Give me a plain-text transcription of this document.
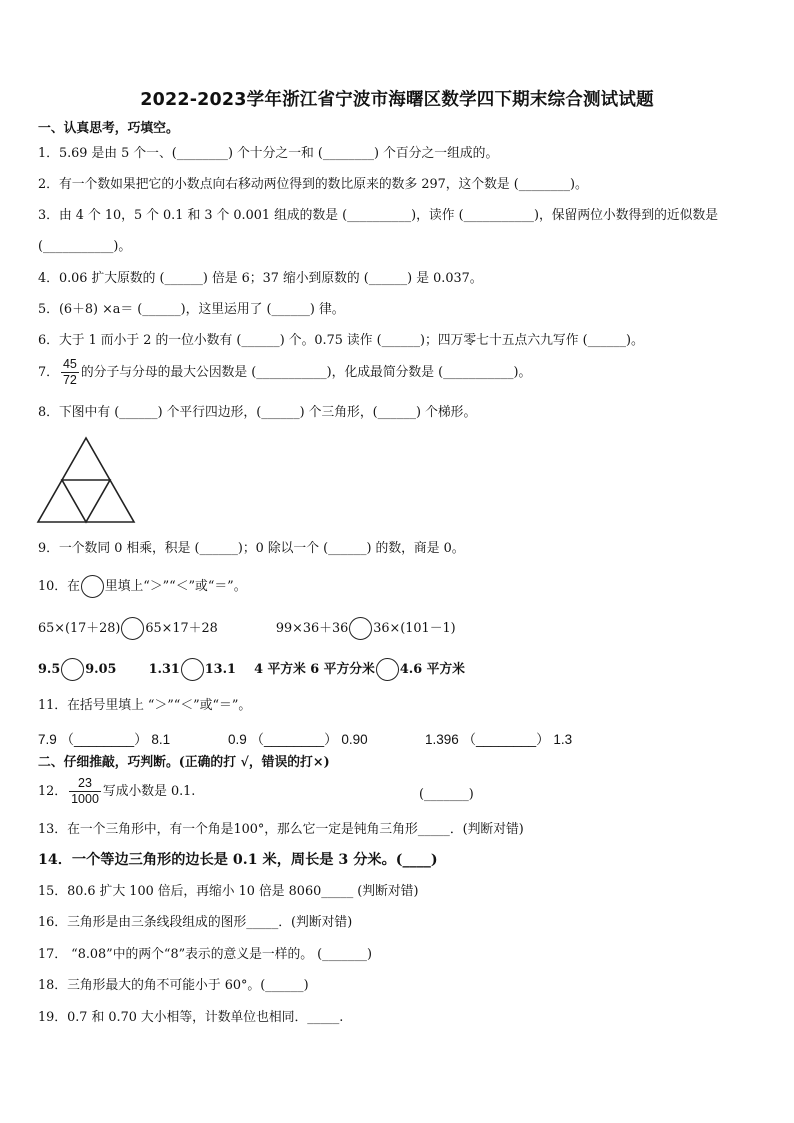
2022-2023学年浙江省宁波市海曙区数学四下期末综合测试试题
一、认真思考，巧填空。
1．5.69 是由 5 个一、(________) 个十分之一和 (________) 个百分之一组成的。
2．有一个数如果把它的小数点向右移动两位得到的数比原来的数多 297，这个数是 (________)。
3．由 4 个 10，5 个 0.1 和 3 个 0.001 组成的数是 (__________)，读作 (___________)，保留两位小数得到的近似数是
(___________)。
4．0.06 扩大原数的 (______) 倍是 6；37 缩小到原数的 (______) 是 0.037。
5．(6＋8) ×a＝ (______)，这里运用了 (______) 律。
6．大于 1 而小于 2 的一位小数有 (______) 个。0.75 读作 (______)；四万零七十五点六九写作 (______)。
7． $\frac{45}{72}$ 的分子与分母的最大公因数是 (___________)，化成最简分数是 (___________)。
8．下图中有 (______) 个平行四边形，(______) 个三角形，(______) 个梯形。
9．一个数同 0 相乘，积是 (______)；0 除以一个 (______) 的数，商是 0。
10．在 里填上“＞”“＜”或“＝”。
65×(17＋28) 65×17＋28	99×36＋36 36×(101－1)
9.5 9.05	1.31 13.1 4 平方米 6 平方分米 4.6 平方米
11．在括号里填上 “＞”“＜”或“＝”。
7.9 （________） 8.1	0.9 （________） 0.90	1.396 （________） 1.3
二、仔细推敲，巧判断。(正确的打 √，错误的打×)
12． $\frac{23}{1000}$ 写成小数是 0.1.	(_______)
13．在一个三角形中，有一个角是100°，那么它一定是钝角三角形_____．(判断对错)
14．一个等边三角形的边长是 0.1 米，周长是 3 分米。(____)
15．80.6 扩大 100 倍后，再缩小 10 倍是 8060_____ (判断对错)
16．三角形是由三条线段组成的图形_____．(判断对错)
17． “8.08”中的两个“8”表示的意义是一样的。 (_______)
18．三角形最大的角不可能小于 60°。(______)
19．0.7 和 0.70 大小相等，计数单位也相同．_____.
